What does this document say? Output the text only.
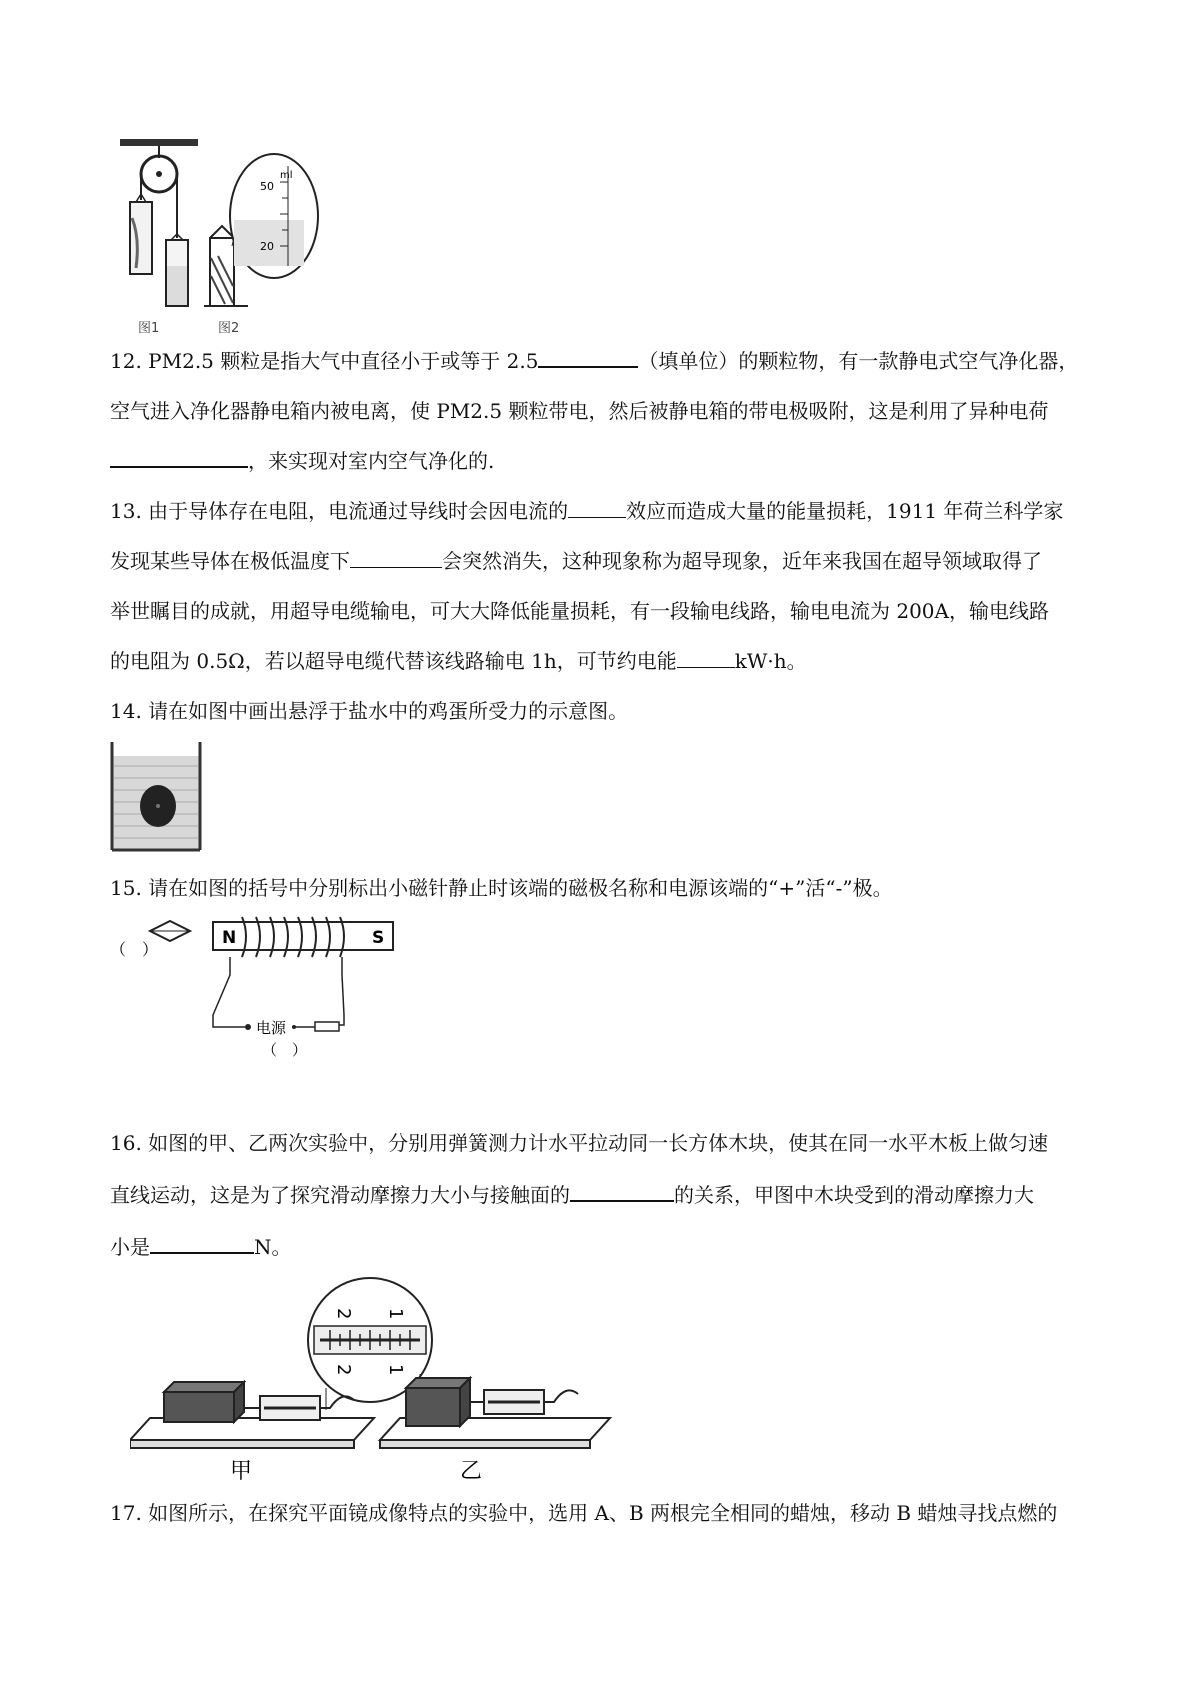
ml
50
20
图1	图2
12. PM2.5 颗粒是指大气中直径小于或等于 2.5	（填单位）的颗粒物，有一款静电式空气净化器，
空气进入净化器静电箱内被电离，使 PM2.5 颗粒带电，然后被静电箱的带电极吸附，这是利用了异种电荷
，来实现对室内空气净化的.
13. 由于导体存在电阻，电流通过导线时会因电流的	效应而造成大量的能量损耗，1911 年荷兰科学家
发现某些导体在极低温度下	会突然消失，这种现象称为超导现象，近年来我国在超导领域取得了
举世瞩目的成就，用超导电缆输电，可大大降低能量损耗，有一段输电线路，输电电流为 200A，输电线路
的电阻为 0.5Ω，若以超导电缆代替该线路输电 1h，可节约电能	kW·h。
14. 请在如图中画出悬浮于盐水中的鸡蛋所受力的示意图。
15. 请在如图的括号中分别标出小磁针静止时该端的磁极名称和电源该端的“+”活“-”极。
（　）
N	S
电源
（　）
16. 如图的甲、乙两次实验中，分别用弹簧测力计水平拉动同一长方体木块，使其在同一水平木板上做匀速
直线运动，这是为了探究滑动摩擦力大小与接触面的	的关系，甲图中木块受到的滑动摩擦力大
小是	N。
2 1
2 1
甲	乙
17. 如图所示，在探究平面镜成像特点的实验中，选用 A、B 两根完全相同的蜡烛，移动 B 蜡烛寻找点燃的
